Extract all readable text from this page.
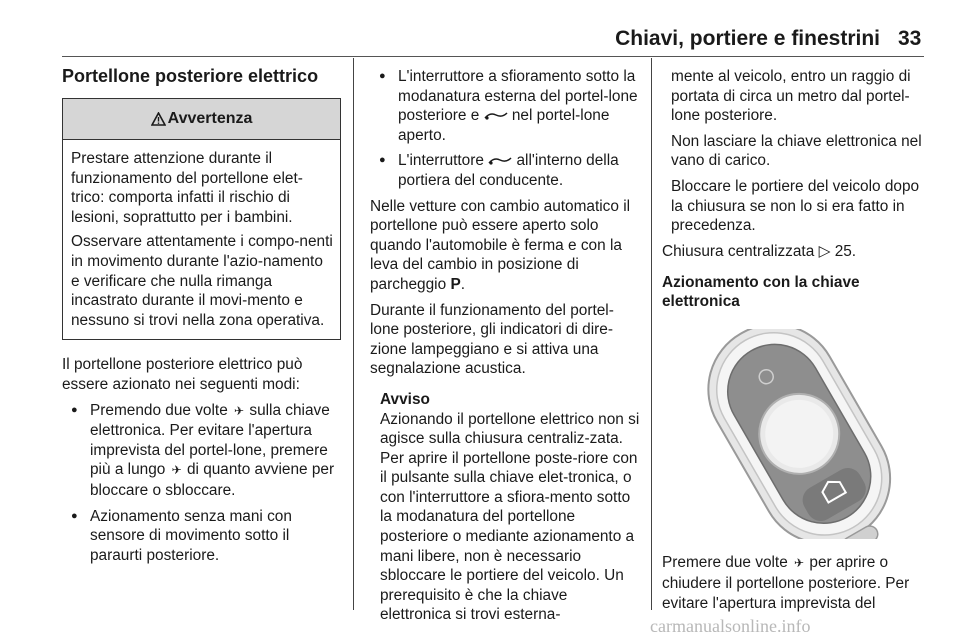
Chiavi, portiere e finestrini 33

Portellone posteriore elettrico

Avvertenza

Prestare attenzione durante il funzionamento del portellone elet-trico: comporta infatti il rischio di lesioni, soprattutto per i bambini.

Osservare attentamente i compo-nenti in movimento durante l'azio-namento e verificare che nulla rimanga incastrato durante il movi-mento e nessuno si trovi nella zona operativa.

Il portellone posteriore elettrico può essere azionato nei seguenti modi:

● Premendo due volte ✈ sulla chiave elettronica. Per evitare l'apertura imprevista del portel-lone, premere più a lungo ✈ di quanto avviene per bloccare o sbloccare.
● Azionamento senza mani con sensore di movimento sotto il paraurti posteriore.
● L'interruttore a sfioramento sotto la modanatura esterna del portel-lone posteriore e nel portel-lone aperto.
● L'interruttore all'interno della portiera del conducente.

Nelle vetture con cambio automatico il portellone può essere aperto solo quando l'automobile è ferma e con la leva del cambio in posizione di parcheggio P.

Durante il funzionamento del portel-lone posteriore, gli indicatori di dire-zione lampeggiano e si attiva una segnalazione acustica.

Avviso

Azionando il portellone elettrico non si agisce sulla chiusura centraliz-zata. Per aprire il portellone poste-riore con il pulsante sulla chiave elet-tronica, o con l'interruttore a sfiora-mento sotto la modanatura del portellone posteriore o mediante azionamento a mani libere, non è necessario sbloccare le portiere del veicolo. Un prerequisito è che la chiave elettronica si trovi esterna-

mente al veicolo, entro un raggio di portata di circa un metro dal portel-lone posteriore.

Non lasciare la chiave elettronica nel vano di carico.

Bloccare le portiere del veicolo dopo la chiusura se non lo si era fatto in precedenza.

Chiusura centralizzata ▷ 25.

Azionamento con la chiave elettronica

Premere due volte ✈ per aprire o chiudere il portellone posteriore. Per evitare l'apertura imprevista del

carmanualsonline.info
